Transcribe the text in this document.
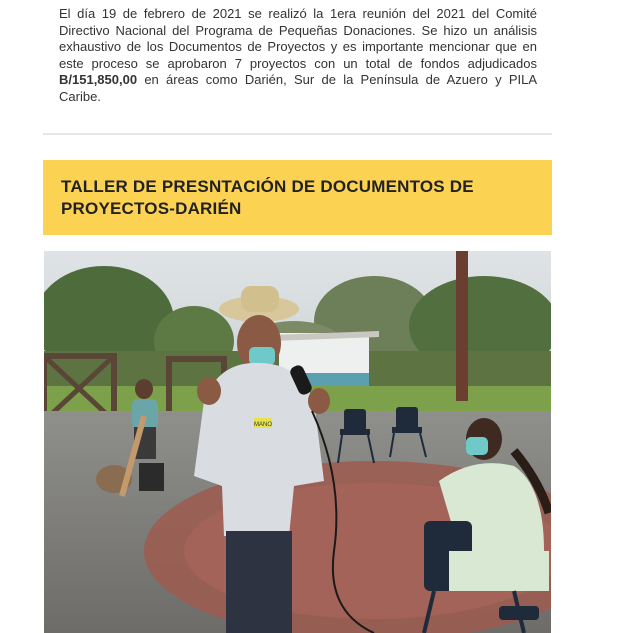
El día 19 de febrero de 2021 se realizó la 1era reunión del 2021 del Comité Directivo Nacional del Programa de Pequeñas Donaciones. Se hizo un análisis exhaustivo de los Documentos de Proyectos y es importante mencionar que en este proceso se aprobaron 7 proyectos con un total de fondos adjudicados B/151,850,00 en áreas como Darién, Sur de la Península de Azuero y PILA Caribe.
TALLER DE PRESNTACIÓN DE DOCUMENTOS DE PROYECTOS-DARIÉN
MANO
